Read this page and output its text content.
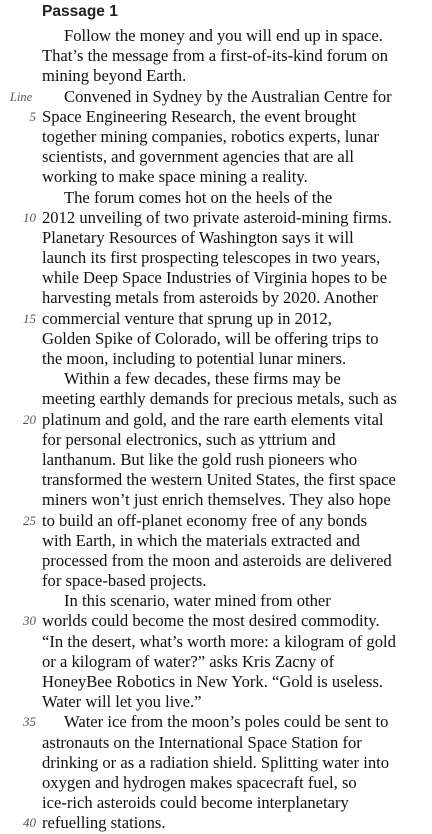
Passage 1
Follow the money and you will end up in space.
That’s the message from a first-of-its-kind forum on
mining beyond Earth.
Line Convened in Sydney by the Australian Centre for
5 Space Engineering Research, the event brought
together mining companies, robotics experts, lunar
scientists, and government agencies that are all
working to make space mining a reality.
The forum comes hot on the heels of the
10 2012 unveiling of two private asteroid-mining firms.
Planetary Resources of Washington says it will
launch its first prospecting telescopes in two years,
while Deep Space Industries of Virginia hopes to be
harvesting metals from asteroids by 2020. Another
15 commercial venture that sprung up in 2012,
Golden Spike of Colorado, will be offering trips to
the moon, including to potential lunar miners.
Within a few decades, these firms may be
meeting earthly demands for precious metals, such as
20 platinum and gold, and the rare earth elements vital
for personal electronics, such as yttrium and
lanthanum. But like the gold rush pioneers who
transformed the western United States, the first space
miners won’t just enrich themselves. They also hope
25 to build an off-planet economy free of any bonds
with Earth, in which the materials extracted and
processed from the moon and asteroids are delivered
for space-based projects.
In this scenario, water mined from other
30 worlds could become the most desired commodity.
“In the desert, what’s worth more: a kilogram of gold
or a kilogram of water?” asks Kris Zacny of
HoneyBee Robotics in New York. “Gold is useless.
Water will let you live.”
35 Water ice from the moon’s poles could be sent to
astronauts on the International Space Station for
drinking or as a radiation shield. Splitting water into
oxygen and hydrogen makes spacecraft fuel, so
ice-rich asteroids could become interplanetary
40 refuelling stations.
